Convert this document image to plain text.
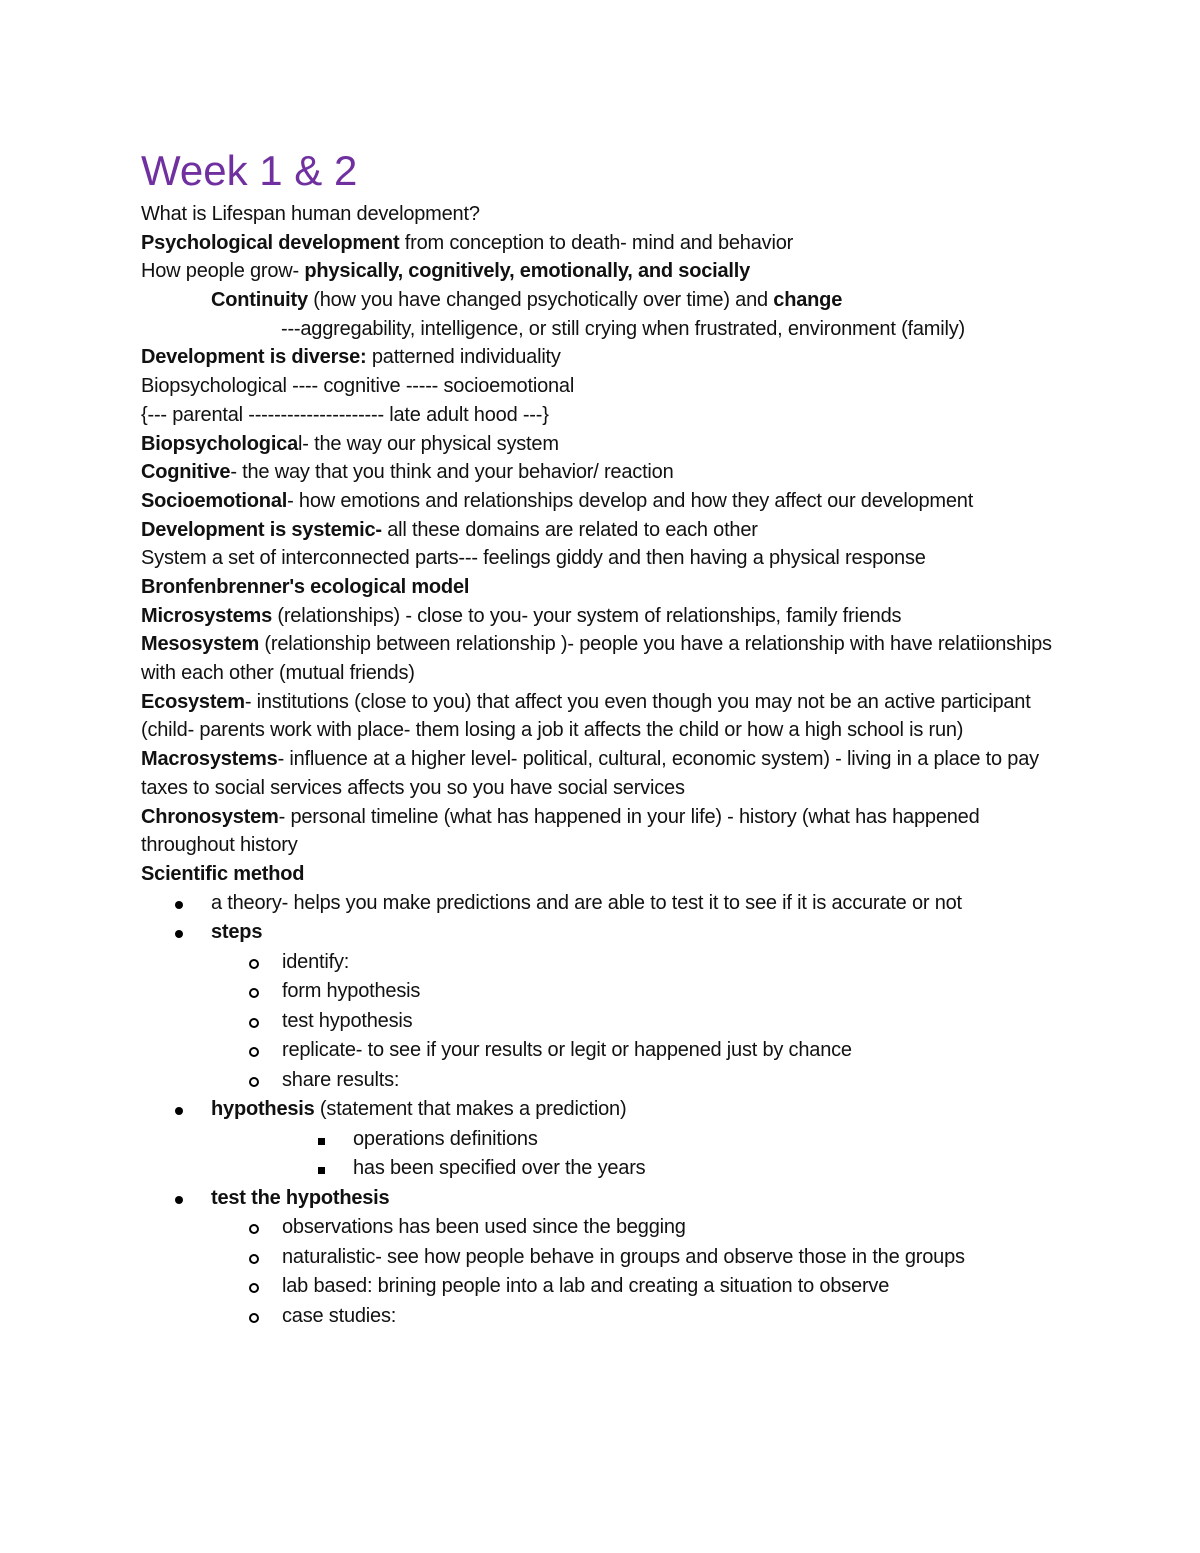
Week 1 & 2
What is Lifespan human development?
Psychological development from conception to death- mind and behavior
How people grow- physically, cognitively, emotionally, and socially
Continuity (how you have changed psychotically over time) and change
---aggregability, intelligence, or still crying when frustrated, environment (family)
Development is diverse: patterned individuality
Biopsychological ---- cognitive ----- socioemotional
{--- parental --------------------- late adult hood ---}
Biopsychological- the way our physical system
Cognitive- the way that you think and your behavior/ reaction
Socioemotional- how emotions and relationships develop and how they affect our development
Development is systemic- all these domains are related to each other
System a set of interconnected parts--- feelings giddy and then having a physical response
Bronfenbrenner's ecological model
Microsystems (relationships) - close to you- your system of relationships, family friends
Mesosystem (relationship between relationship )- people you have a relationship with have relatiionships with each other (mutual friends)
Ecosystem- institutions (close to you) that affect you even though you may not be an active participant (child- parents work with place- them losing a job it affects the child or how a high school is run)
Macrosystems- influence at a higher level- political, cultural, economic system) - living in a place to pay taxes to social services affects you so you have social services
Chronosystem- personal timeline (what has happened in your life) - history (what has happened throughout history
Scientific method
a theory- helps you make predictions and are able to test it to see if it is accurate or not
steps
identify:
form hypothesis
test hypothesis
replicate- to see if your results or legit or happened just by chance
share results:
hypothesis (statement that makes a prediction)
operations definitions
has been specified over the years
test the hypothesis
observations has been used since the begging
naturalistic- see how people behave in groups and observe those in the groups
lab based: brining people into a lab and creating a situation to observe
case studies:
